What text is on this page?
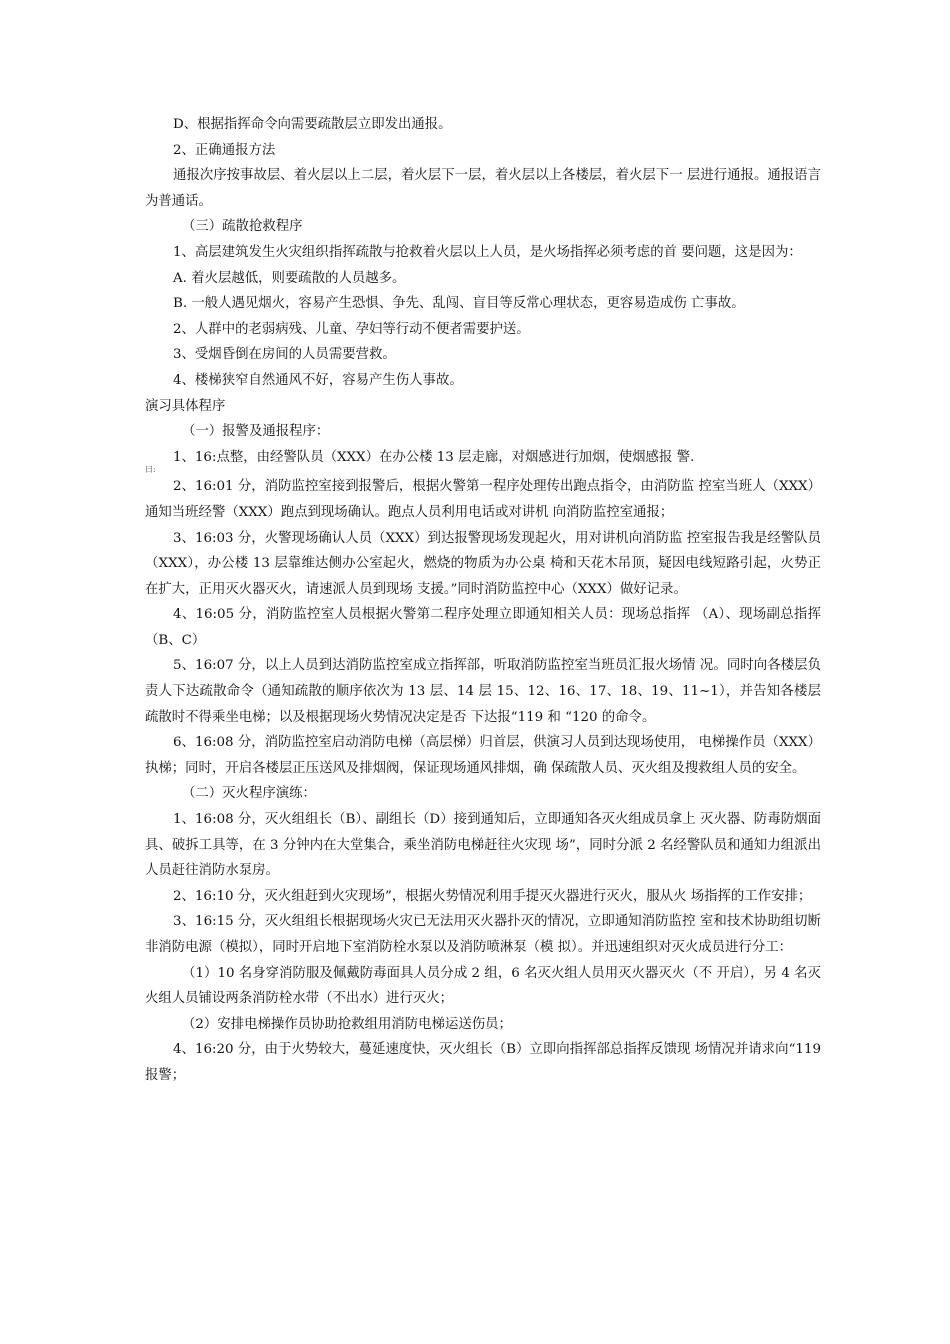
D、根据指挥命令向需要疏散层立即发出通报。

2、正确通报方法

通报次序按事故层、着火层以上二层，着火层下一层，着火层以上各楼层，着火层下一 层进行通报。通报语言为普通话。

（三）疏散抢救程序

1、高层建筑发生火灾组织指挥疏散与抢救着火层以上人员，是火场指挥必须考虑的首 要问题，这是因为：

A. 着火层越低，则要疏散的人员越多。

B. 一般人遇见烟火，容易产生恐惧、争先、乱闯、盲目等反常心理状态，更容易造成伤 亡事故。

2、人群中的老弱病残、儿童、孕妇等行动不便者需要护送。

3、受烟昏倒在房间的人员需要营救。

4、楼梯狭窄自然通风不好，容易产生伤人事故。

演习具体程序

（一）报警及通报程序：

1、16:点整，由经警队员（XXX）在办公楼 13 层走廊，对烟感进行加烟，使烟感报 警.

曰:

2、16:01 分，消防监控室接到报警后，根据火警第一程序处理传出跑点指令，由消防监 控室当班人（XXX）通知当班经警（XXX）跑点到现场确认。跑点人员利用电话或对讲机 向消防监控室通报；

3、16:03 分，火警现场确认人员（XXX）到达报警现场发现起火，用对讲机向消防监 控室报告我是经警队员（XXX），办公楼 13 层靠维达侧办公室起火，燃烧的物质为办公桌 椅和天花木吊顶，疑因电线短路引起，火势正在扩大，正用灭火器灭火，请速派人员到现场 支援。”同时消防监控中心（XXX）做好记录。

4、16:05 分，消防监控室人员根据火警第二程序处理立即通知相关人员：现场总指挥 （A）、现场副总指挥（B、C）

5、16:07 分，以上人员到达消防监控室成立指挥部，听取消防监控室当班员汇报火场情 况。同时向各楼层负责人下达疏散命令（通知疏散的顺序依次为 13 层、14 层 15、12、16、17、18、19、11~1），并告知各楼层疏散时不得乘坐电梯；以及根据现场火势情况决定是否 下达报“119 和 “120 的命令。

6、16:08 分，消防监控室启动消防电梯（高层梯）归首层，供演习人员到达现场使用， 电梯操作员（XXX）执梯；同时，开启各楼层正压送风及排烟阀，保证现场通风排烟，确 保疏散人员、灭火组及搜救组人员的安全。

（二）灭火程序演练：

1、16:08 分，灭火组组长（B）、副组长（D）接到通知后，立即通知各灭火组成员拿上 灭火器、防毒防烟面具、破拆工具等，在 3 分钟内在大堂集合，乘坐消防电梯赶往火灾现 场”，同时分派 2 名经警队员和通知力组派出人员赶往消防水泵房。

2、16:10 分，灭火组赶到火灾现场”，根据火势情况利用手提灭火器进行灭火，服从火 场指挥的工作安排；

3、16:15 分，灭火组组长根据现场火灾已无法用灭火器扑灭的情况，立即通知消防监控 室和技术协助组切断非消防电源（模拟），同时开启地下室消防栓水泵以及消防喷淋泵（模 拟）。并迅速组织对灭火成员进行分工：

（1）10 名身穿消防服及佩戴防毒面具人员分成 2 组，6 名灭火组人员用灭火器灭火（不 开启），另 4 名灭火组人员铺设两条消防栓水带（不出水）进行灭火；

（2）安排电梯操作员协助抢救组用消防电梯运送伤员；

4、16:20 分，由于火势较大，蔓延速度快，灭火组长（B）立即向指挥部总指挥反馈现 场情况并请求向“119 报警；
